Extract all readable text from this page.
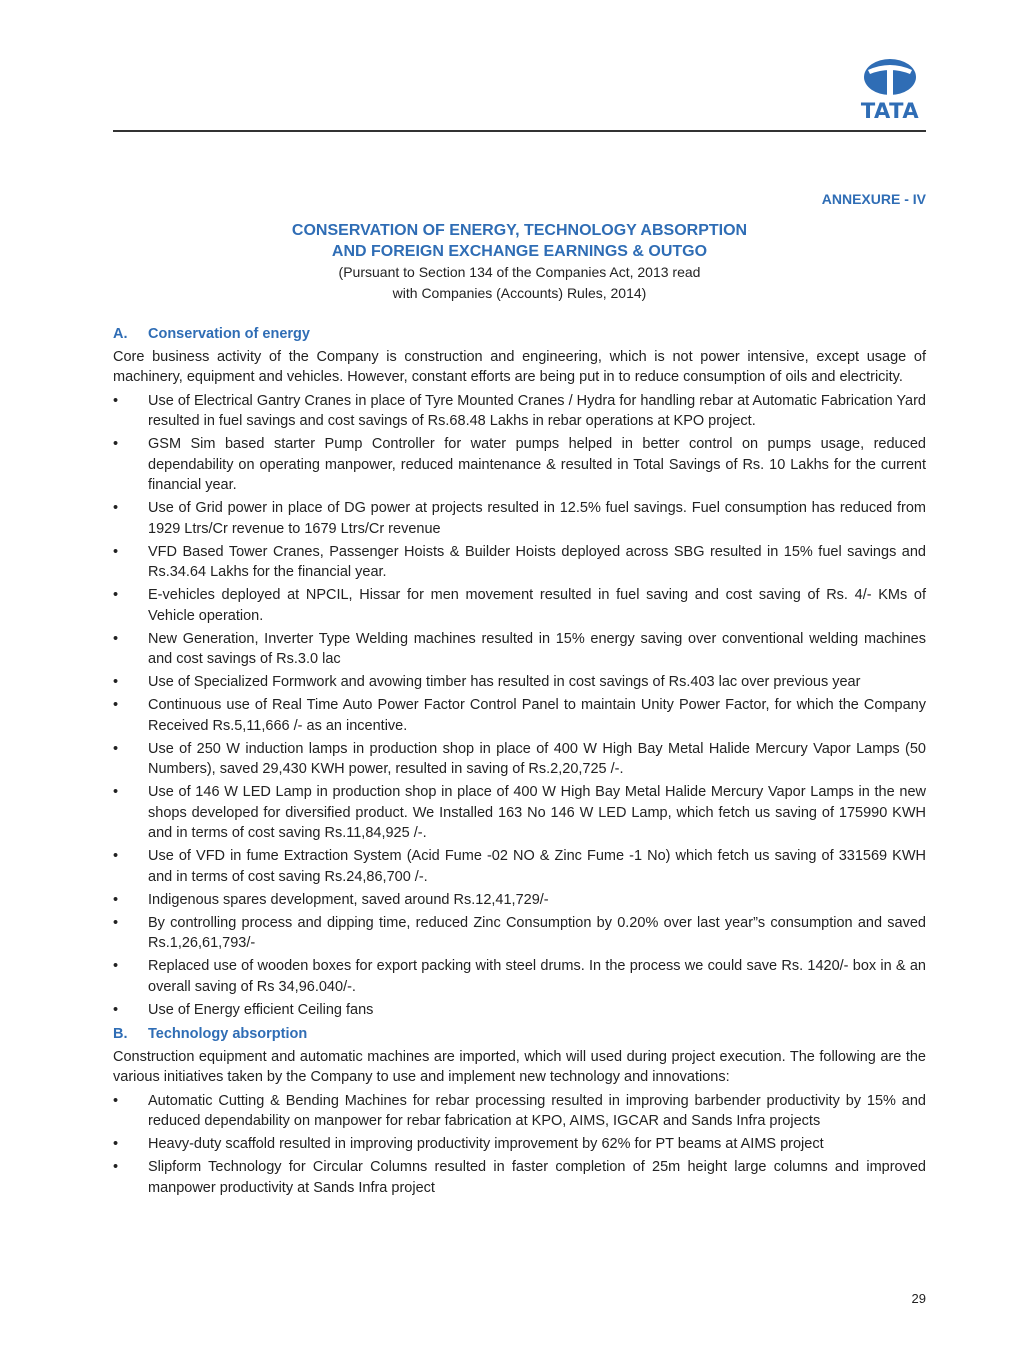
TATA
ANNEXURE - IV
CONSERVATION OF ENERGY, TECHNOLOGY ABSORPTION
AND FOREIGN EXCHANGE EARNINGS & OUTGO
(Pursuant to Section 134 of the Companies Act, 2013 read
with Companies (Accounts) Rules, 2014)
A. Conservation of energy

Core business activity of the Company is construction and engineering, which is not power intensive, except usage of machinery, equipment and vehicles. However, constant efforts are being put in to reduce consumption of oils and electricity.

• Use of Electrical Gantry Cranes in place of Tyre Mounted Cranes / Hydra for handling rebar at Automatic Fabrication Yard resulted in fuel savings and cost savings of Rs.68.48 Lakhs in rebar operations at KPO project.
• GSM Sim based starter Pump Controller for water pumps helped in better control on pumps usage, reduced dependability on operating manpower, reduced maintenance & resulted in Total Savings of Rs. 10 Lakhs for the current financial year.
• Use of Grid power in place of DG power at projects resulted in 12.5% fuel savings. Fuel consumption has reduced from 1929 Ltrs/Cr revenue to 1679 Ltrs/Cr revenue
• VFD Based Tower Cranes, Passenger Hoists & Builder Hoists deployed across SBG resulted in 15% fuel savings and Rs.34.64 Lakhs for the financial year.
• E-vehicles deployed at NPCIL, Hissar for men movement resulted in fuel saving and cost saving of Rs. 4/- KMs of Vehicle operation.
• New Generation, Inverter Type Welding machines resulted in 15% energy saving over conventional welding machines and cost savings of Rs.3.0 lac
• Use of Specialized Formwork and avowing timber has resulted in cost savings of Rs.403 lac over previous year
• Continuous use of Real Time Auto Power Factor Control Panel to maintain Unity Power Factor, for which the Company Received Rs.5,11,666 /- as an incentive.
• Use of 250 W induction lamps in production shop in place of 400 W High Bay Metal Halide Mercury Vapor Lamps (50 Numbers), saved 29,430 KWH power, resulted in saving of Rs.2,20,725 /-.
• Use of 146 W LED Lamp in production shop in place of 400 W High Bay Metal Halide Mercury Vapor Lamps in the new shops developed for diversified product. We Installed 163 No 146 W LED Lamp, which fetch us saving of 175990 KWH and in terms of cost saving Rs.11,84,925 /-.
• Use of VFD in fume Extraction System (Acid Fume -02 NO & Zinc Fume -1 No) which fetch us saving of 331569 KWH and in terms of cost saving Rs.24,86,700 /-.
• Indigenous spares development, saved around Rs.12,41,729/-
• By controlling process and dipping time, reduced Zinc Consumption by 0.20% over last year”s consumption and saved Rs.1,26,61,793/-
• Replaced use of wooden boxes for export packing with steel drums. In the process we could save Rs. 1420/- box in & an overall saving of Rs 34,96.040/-.
• Use of Energy efficient Ceiling fans
B. Technology absorption

Construction equipment and automatic machines are imported, which will used during project execution. The following are the various initiatives taken by the Company to use and implement new technology and innovations:

• Automatic Cutting & Bending Machines for rebar processing resulted in improving barbender productivity by 15% and reduced dependability on manpower for rebar fabrication at KPO, AIMS, IGCAR and Sands Infra projects
• Heavy-duty scaffold resulted in improving productivity improvement by 62% for PT beams at AIMS project
• Slipform Technology for Circular Columns resulted in faster completion of 25m height large columns and improved manpower productivity at Sands Infra project
29
